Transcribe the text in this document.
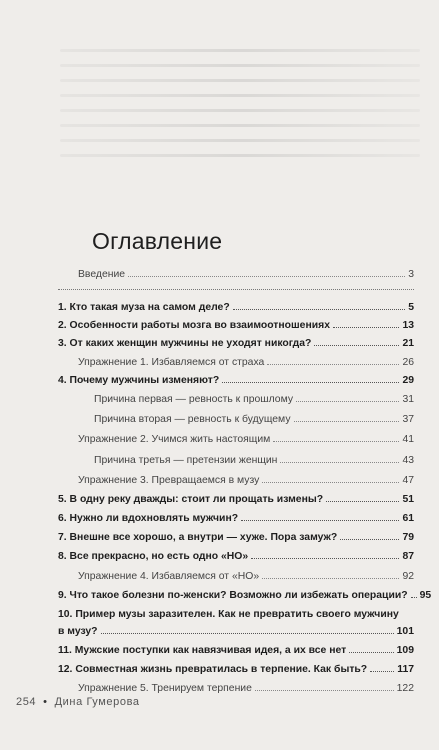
Оглавление
Введение	3
1. Кто такая муза на самом деле?	5
2. Особенности работы мозга во взаимоотношениях	13
3. От каких женщин мужчины не уходят никогда?	21
Упражнение 1. Избавляемся от страха	26
4. Почему мужчины изменяют?	29
Причина первая — ревность к прошлому	31
Причина вторая — ревность к будущему	37
Упражнение 2. Учимся жить настоящим	41
Причина третья — претензии женщин	43
Упражнение 3. Превращаемся в музу	47
5. В одну реку дважды: стоит ли прощать измены?	51
6. Нужно ли вдохновлять мужчин?	61
7. Внешне все хорошо, а внутри — хуже. Пора замуж?	79
8. Все прекрасно, но есть одно «НО»	87
Упражнение 4. Избавляемся от «НО»	92
9. Что такое болезни по-женски? Возможно ли избежать операции? 95
10. Пример музы заразителен. Как не превратить своего мужчину
в музу?	101
11. Мужские поступки как навязчивая идея, а их все нет	109
12. Совместная жизнь превратилась в терпение. Как быть?	117
Упражнение 5. Тренируем терпение	122
254 • Дина Гумерова
